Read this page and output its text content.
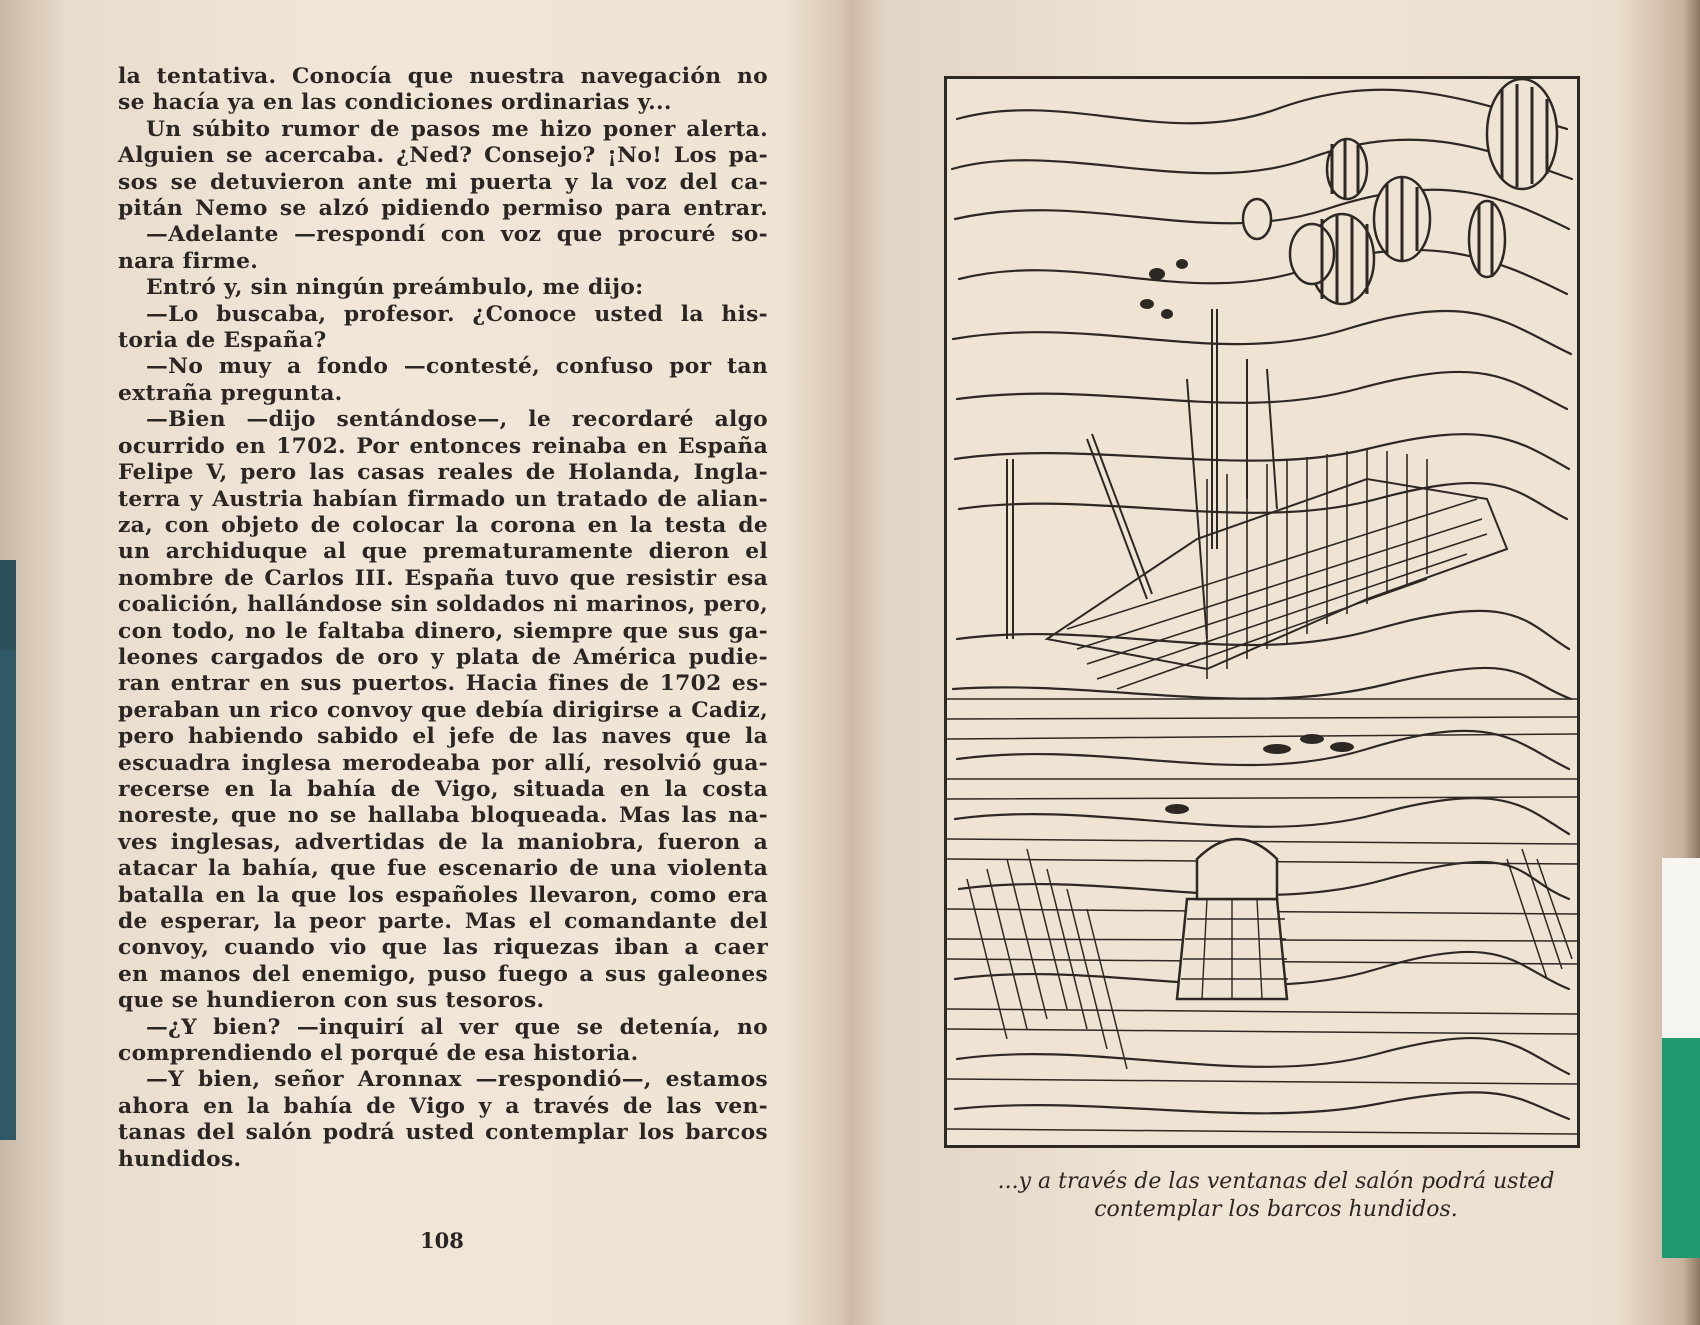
la tentativa. Conocía que nuestra navegación no
se hacía ya en las condiciones ordinarias y...
Un súbito rumor de pasos me hizo poner alerta.
Alguien se acercaba. ¿Ned? Consejo? ¡No! Los pa-
sos se detuvieron ante mi puerta y la voz del ca-
pitán Nemo se alzó pidiendo permiso para entrar.
—Adelante —respondí con voz que procuré so-
nara firme.
Entró y, sin ningún preámbulo, me dijo:
—Lo buscaba, profesor. ¿Conoce usted la his-
toria de España?
—No muy a fondo —contesté, confuso por tan
extraña pregunta.
—Bien —dijo sentándose—, le recordaré algo
ocurrido en 1702. Por entonces reinaba en España
Felipe V, pero las casas reales de Holanda, Ingla-
terra y Austria habían firmado un tratado de alian-
za, con objeto de colocar la corona en la testa de
un archiduque al que prematuramente dieron el
nombre de Carlos III. España tuvo que resistir esa
coalición, hallándose sin soldados ni marinos, pero,
con todo, no le faltaba dinero, siempre que sus ga-
leones cargados de oro y plata de América pudie-
ran entrar en sus puertos. Hacia fines de 1702 es-
peraban un rico convoy que debía dirigirse a Cadiz,
pero habiendo sabido el jefe de las naves que la
escuadra inglesa merodeaba por allí, resolvió gua-
recerse en la bahía de Vigo, situada en la costa
noreste, que no se hallaba bloqueada. Mas las na-
ves inglesas, advertidas de la maniobra, fueron a
atacar la bahía, que fue escenario de una violenta
batalla en la que los españoles llevaron, como era
de esperar, la peor parte. Mas el comandante del
convoy, cuando vio que las riquezas iban a caer
en manos del enemigo, puso fuego a sus galeones
que se hundieron con sus tesoros.
—¿Y bien? —inquirí al ver que se detenía, no
comprendiendo el porqué de esa historia.
—Y bien, señor Aronnax —respondió—, estamos
ahora en la bahía de Vigo y a través de las ven-
tanas del salón podrá usted contemplar los barcos
hundidos.
108
...y a través de las ventanas del salón podrá usted
contemplar los barcos hundidos.
